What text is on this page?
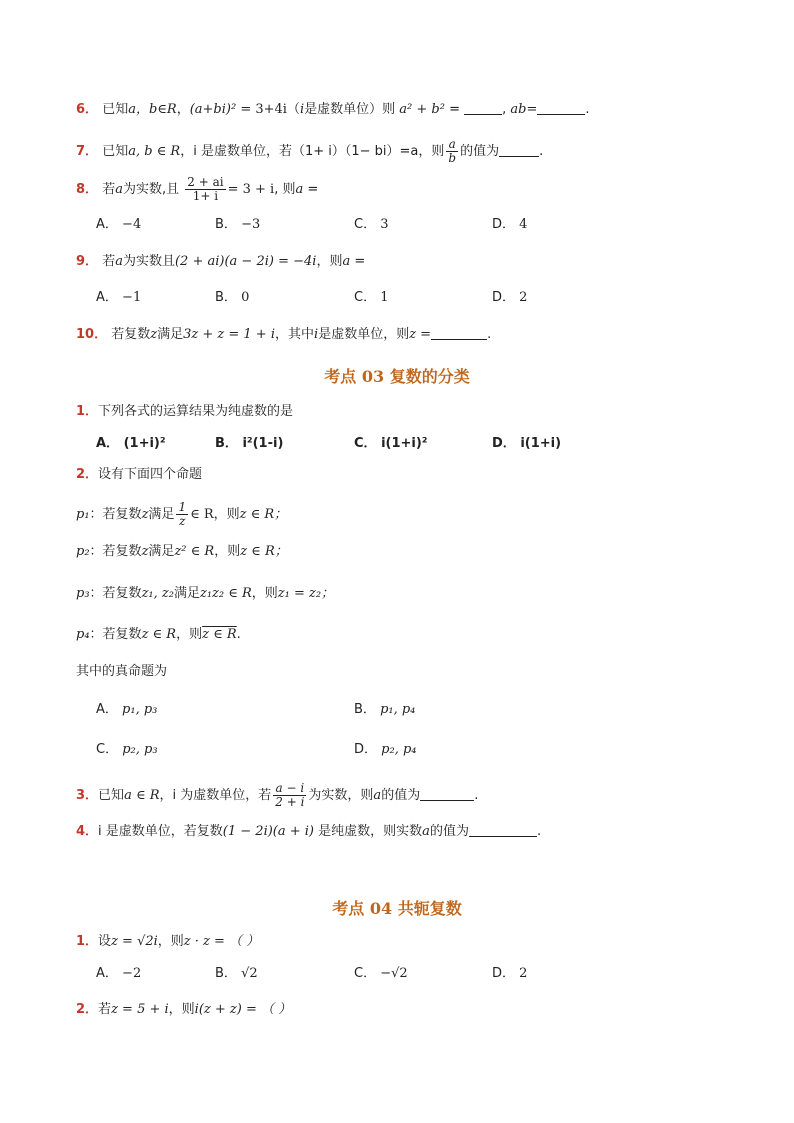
6． 已知a，b∈R，(a+bi)² = 3+4i（i是虚数单位）则 a² + b² =	, ab=	.
7． 已知a, b ∈ R，i 是虚数单位，若（1+ i）（1− bi）=a，则 $\frac{a}{b}$ 的值为	.
8． 若a为实数,且 $\frac{2 + ai}{1+ i} = 3 + i$, 则a =
A． −4	B． −3	C． 3	D． 4
9． 若a为实数且(2 + ai)(a − 2i) = −4i，则a =
A． −1	B． 0	C． 1	D． 2
10． 若复数z满足3z + z = 1 + i，其中i是虚数单位，则z =	.
考点 03 复数的分类
1．下列各式的运算结果为纯虚数的是
A． (1+i)²	B． i²(1-i)	C． i(1+i)²	D． i(1+i)
2．设有下面四个命题
p₁：若复数z满足 $\frac{1}{z}$ ∈ R，则z ∈ R；
p₂：若复数z满足z² ∈ R，则z ∈ R；
p₃：若复数z₁, z₂满足z₁z₂ ∈ R，则z₁ = z₂；
p₄：若复数z ∈ R，则z ∈ R.
其中的真命题为
A． p₁, p₃	B． p₁, p₄
C． p₂, p₃	D． p₂, p₄
3．已知a ∈ R，i 为虚数单位，若 $\frac{a - i}{2 + i}$ 为实数，则a的值为	.
4．i 是虚数单位，若复数(1 − 2i)(a + i) 是纯虚数，则实数a的值为	.
考点 04 共轭复数
1．设z = √2i，则z · z = （ ）
A． −2	B． √2	C． −√2	D． 2
2．若z = 5 + i，则i(z + z) = （ ）
